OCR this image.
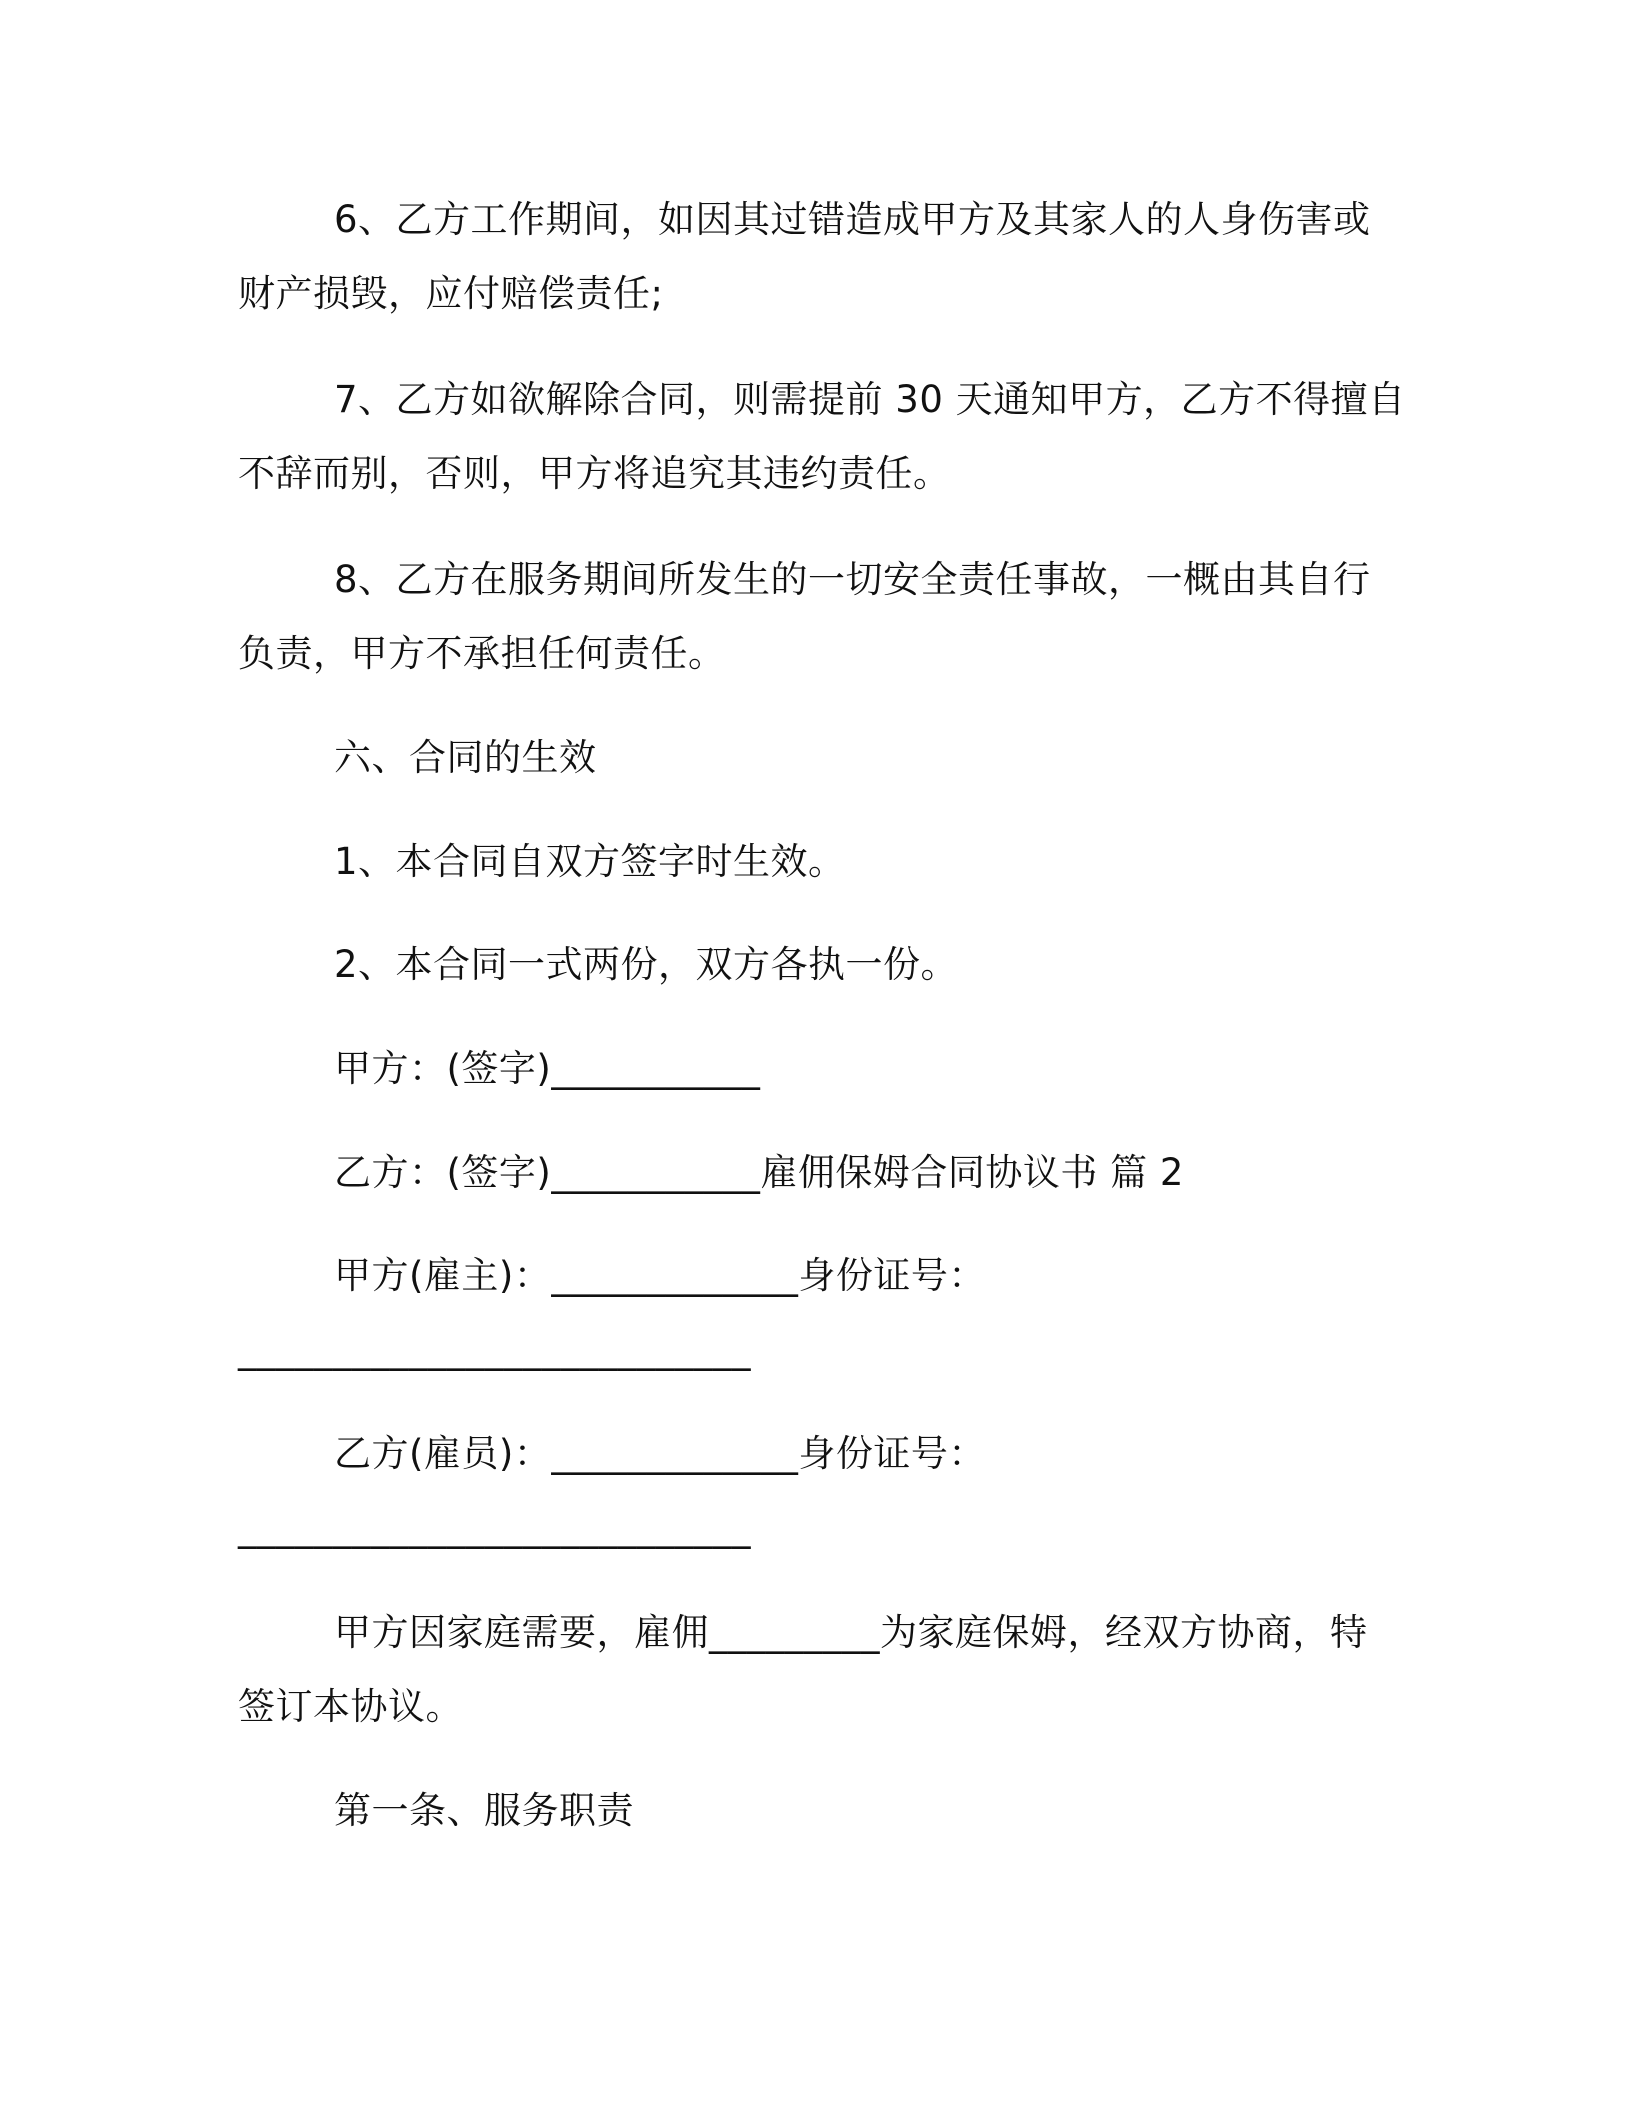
6、乙方工作期间，如因其过错造成甲方及其家人的人身伤害或
财产损毁，应付赔偿责任;
7、乙方如欲解除合同，则需提前 30 天通知甲方，乙方不得擅自
不辞而别，否则，甲方将追究其违约责任。
8、乙方在服务期间所发生的一切安全责任事故，一概由其自行
负责，甲方不承担任何责任。
六、合同的生效
1、本合同自双方签字时生效。
2、本合同一式两份，双方各执一份。
甲方：(签字)___________
乙方：(签字)___________雇佣保姆合同协议书 篇 2
甲方(雇主)：_____________身份证号：
___________________________
乙方(雇员)：_____________身份证号：
___________________________
甲方因家庭需要，雇佣_________为家庭保姆，经双方协商，特
签订本协议。
第一条、服务职责
